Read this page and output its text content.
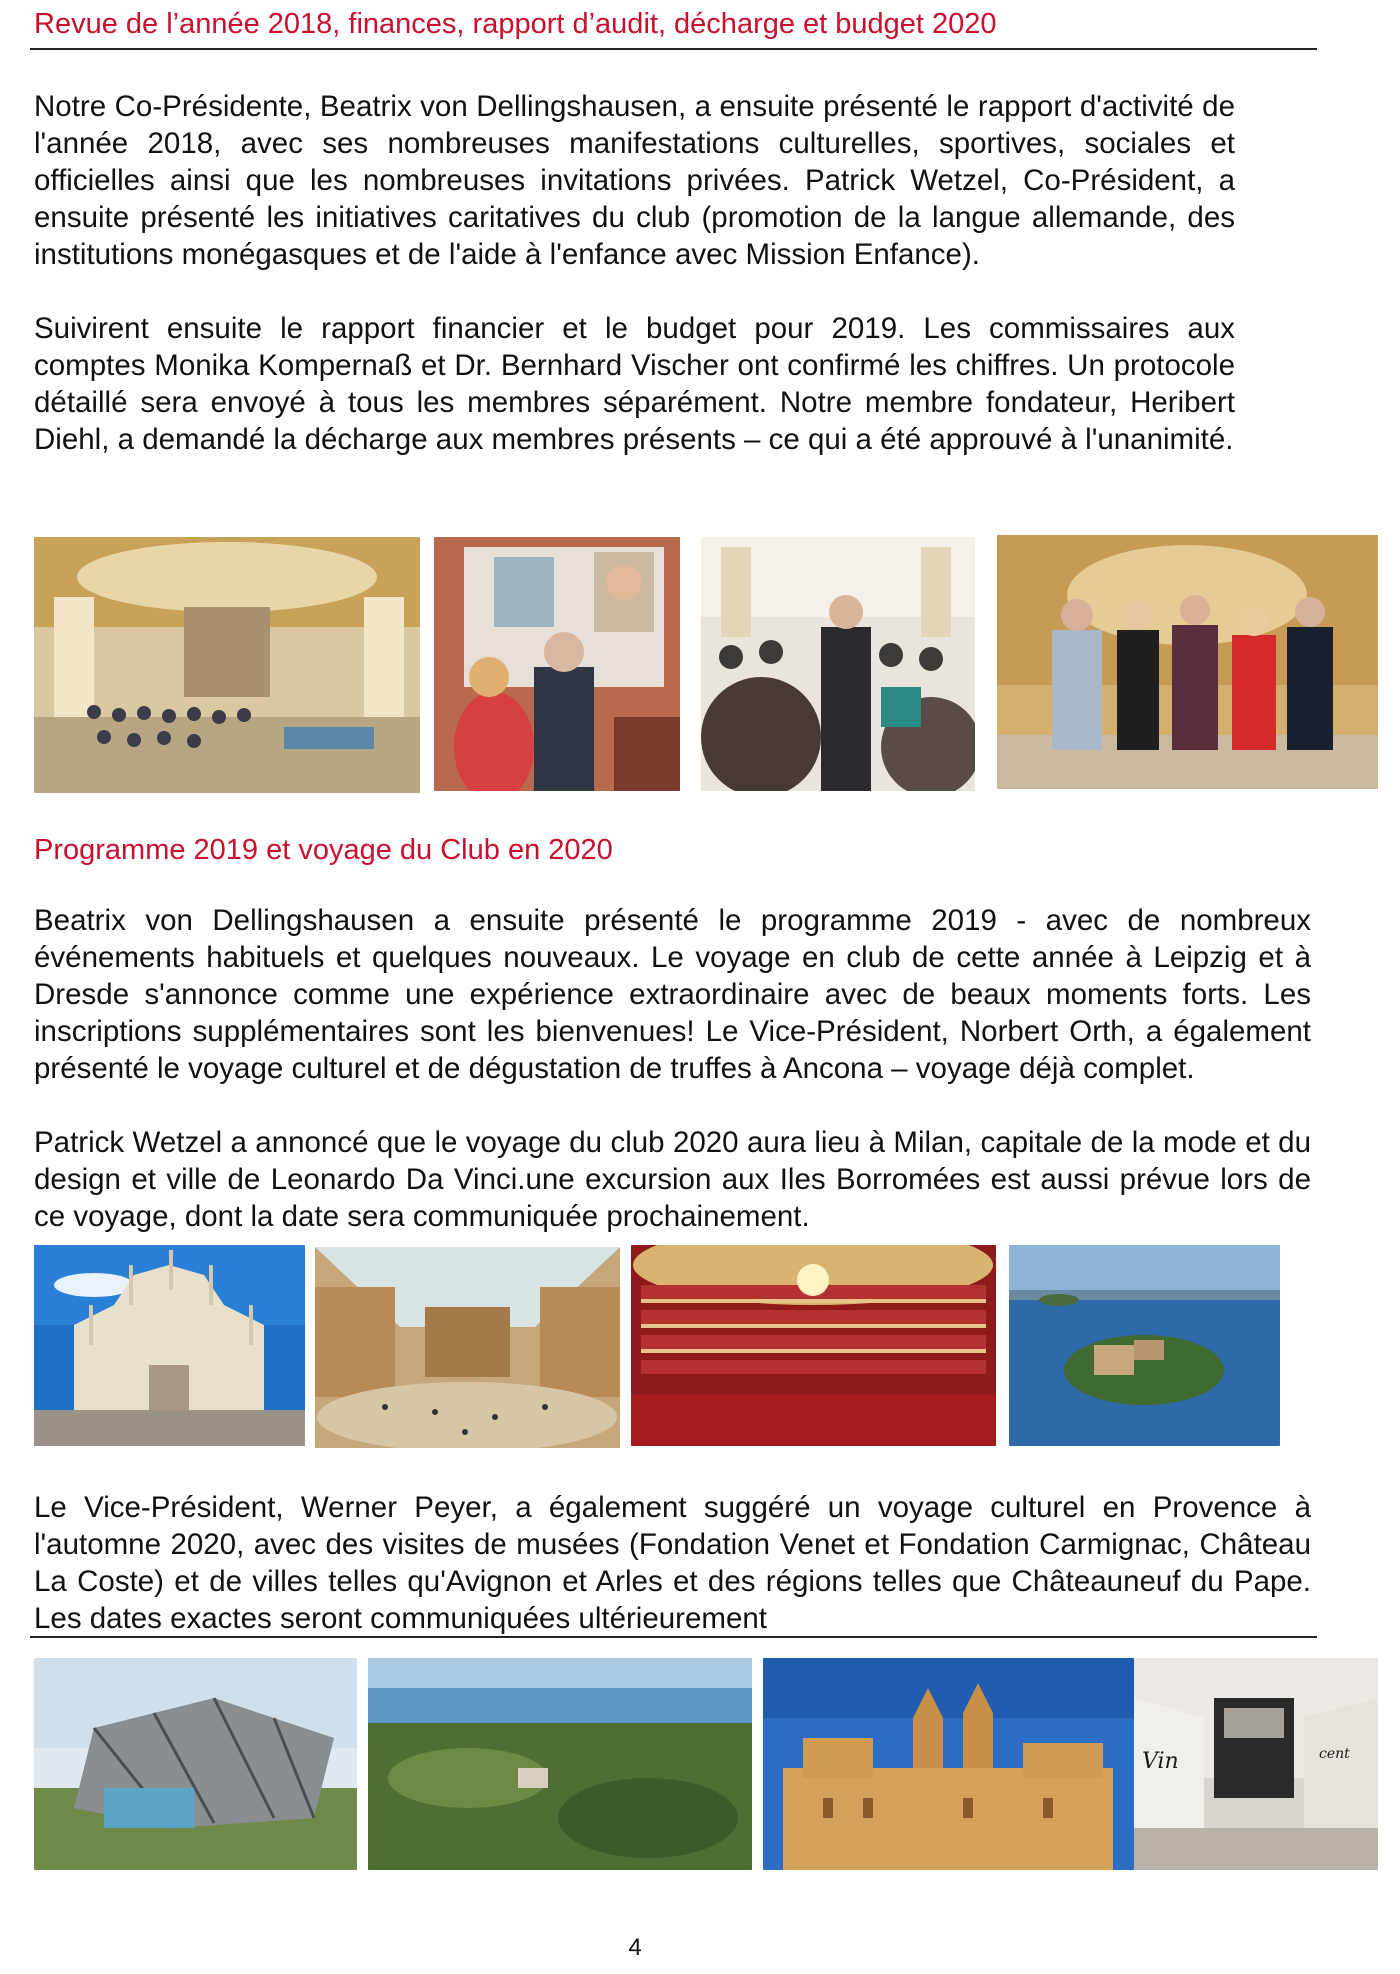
Revue de l’année 2018, finances, rapport d’audit, décharge et budget 2020

Notre Co-Présidente, Beatrix von Dellingshausen, a ensuite présenté le rapport d'activité de l'année 2018, avec ses nombreuses manifestations culturelles, sportives, sociales et officielles ainsi que les nombreuses invitations privées. Patrick Wetzel, Co-Président, a ensuite présenté les initiatives caritatives du club (promotion de la langue allemande, des institutions monégasques et de l'aide à l'enfance avec Mission Enfance).

Suivirent ensuite le rapport financier et le budget pour 2019. Les commissaires aux comptes Monika Kompernaß et Dr. Bernhard Vischer ont confirmé les chiffres. Un protocole détaillé sera envoyé à tous les membres séparément. Notre membre fondateur, Heribert Diehl, a demandé la décharge aux membres présents – ce qui a été approuvé à l'unanimité.

Programme 2019 et voyage du Club en 2020

Beatrix von Dellingshausen a ensuite présenté le programme 2019 - avec de nombreux événements habituels et quelques nouveaux. Le voyage en club de cette année à Leipzig et à Dresde s'annonce comme une expérience extraordinaire avec de beaux moments forts. Les inscriptions supplémentaires sont les bienvenues! Le Vice-Président, Norbert Orth, a également présenté le voyage culturel et de dégustation de truffes à Ancona – voyage déjà complet.

Patrick Wetzel a annoncé que le voyage du club 2020 aura lieu à Milan, capitale de la mode et du design et ville de Leonardo Da Vinci.une excursion aux Iles Borromées est aussi prévue lors de ce voyage, dont la date sera communiquée prochainement.

Le Vice-Président, Werner Peyer, a également suggéré un voyage culturel en Provence à l'automne 2020, avec des visites de musées (Fondation Venet et Fondation Carmignac, Château La Coste) et de villes telles qu'Avignon et Arles et des régions telles que Châteauneuf du Pape. Les dates exactes seront communiquées ultérieurement

Vin	cent
4
